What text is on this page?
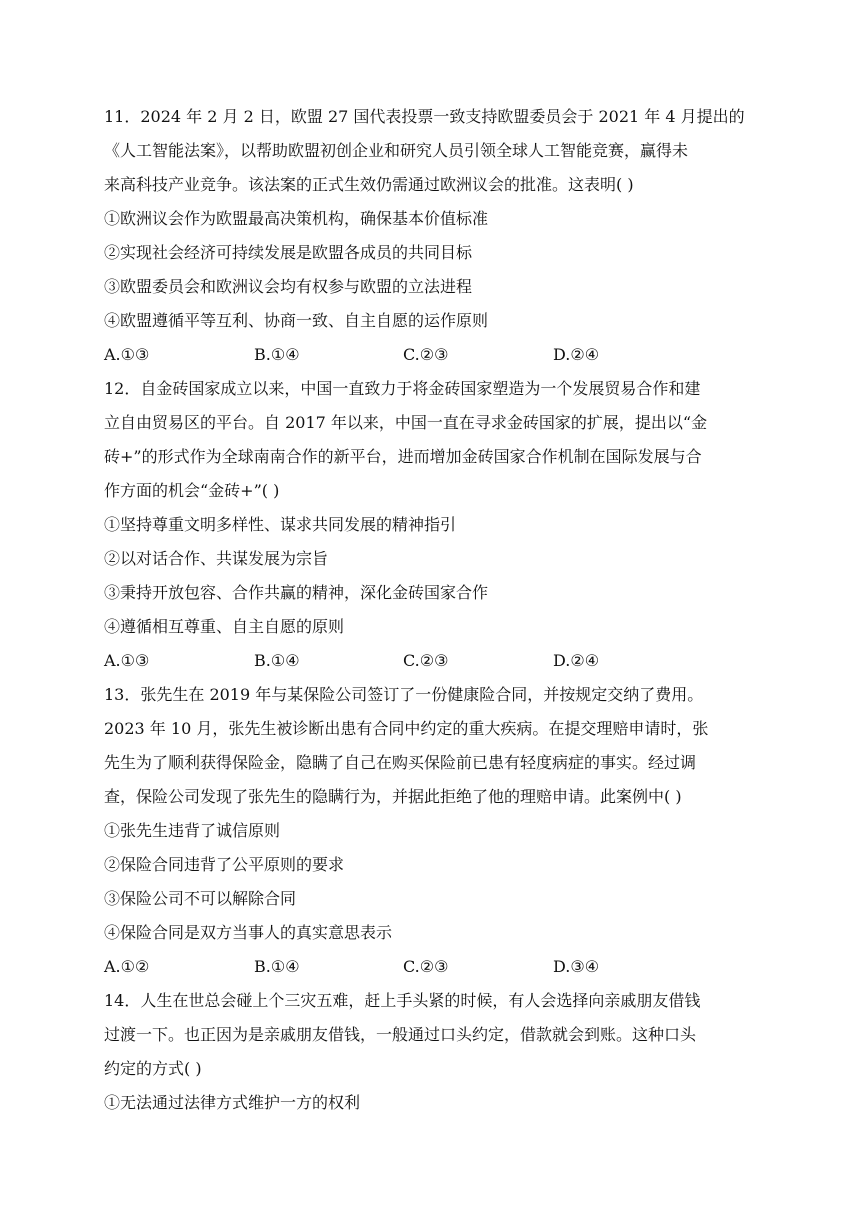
11．2024 年 2 月 2 日，欧盟 27 国代表投票一致支持欧盟委员会于 2021 年 4 月提出的
《人工智能法案》，以帮助欧盟初创企业和研究人员引领全球人工智能竞赛，赢得未
来高科技产业竞争。该法案的正式生效仍需通过欧洲议会的批准。这表明( )
①欧洲议会作为欧盟最高决策机构，确保基本价值标准
②实现社会经济可持续发展是欧盟各成员的共同目标
③欧盟委员会和欧洲议会均有权参与欧盟的立法进程
④欧盟遵循平等互利、协商一致、自主自愿的运作原则
A.①③	B.①④	C.②③	D.②④
12．自金砖国家成立以来，中国一直致力于将金砖国家塑造为一个发展贸易合作和建
立自由贸易区的平台。自 2017 年以来，中国一直在寻求金砖国家的扩展，提出以“金
砖+”的形式作为全球南南合作的新平台，进而增加金砖国家合作机制在国际发展与合
作方面的机会“金砖+”( )
①坚持尊重文明多样性、谋求共同发展的精神指引
②以对话合作、共谋发展为宗旨
③秉持开放包容、合作共赢的精神，深化金砖国家合作
④遵循相互尊重、自主自愿的原则
A.①③	B.①④	C.②③	D.②④
13．张先生在 2019 年与某保险公司签订了一份健康险合同，并按规定交纳了费用。
2023 年 10 月，张先生被诊断出患有合同中约定的重大疾病。在提交理赔申请时，张
先生为了顺利获得保险金，隐瞒了自己在购买保险前已患有轻度病症的事实。经过调
查，保险公司发现了张先生的隐瞒行为，并据此拒绝了他的理赔申请。此案例中( )
①张先生违背了诚信原则
②保险合同违背了公平原则的要求
③保险公司不可以解除合同
④保险合同是双方当事人的真实意思表示
A.①②	B.①④	C.②③	D.③④
14．人生在世总会碰上个三灾五难，赶上手头紧的时候，有人会选择向亲戚朋友借钱
过渡一下。也正因为是亲戚朋友借钱，一般通过口头约定，借款就会到账。这种口头
约定的方式( )
①无法通过法律方式维护一方的权利
